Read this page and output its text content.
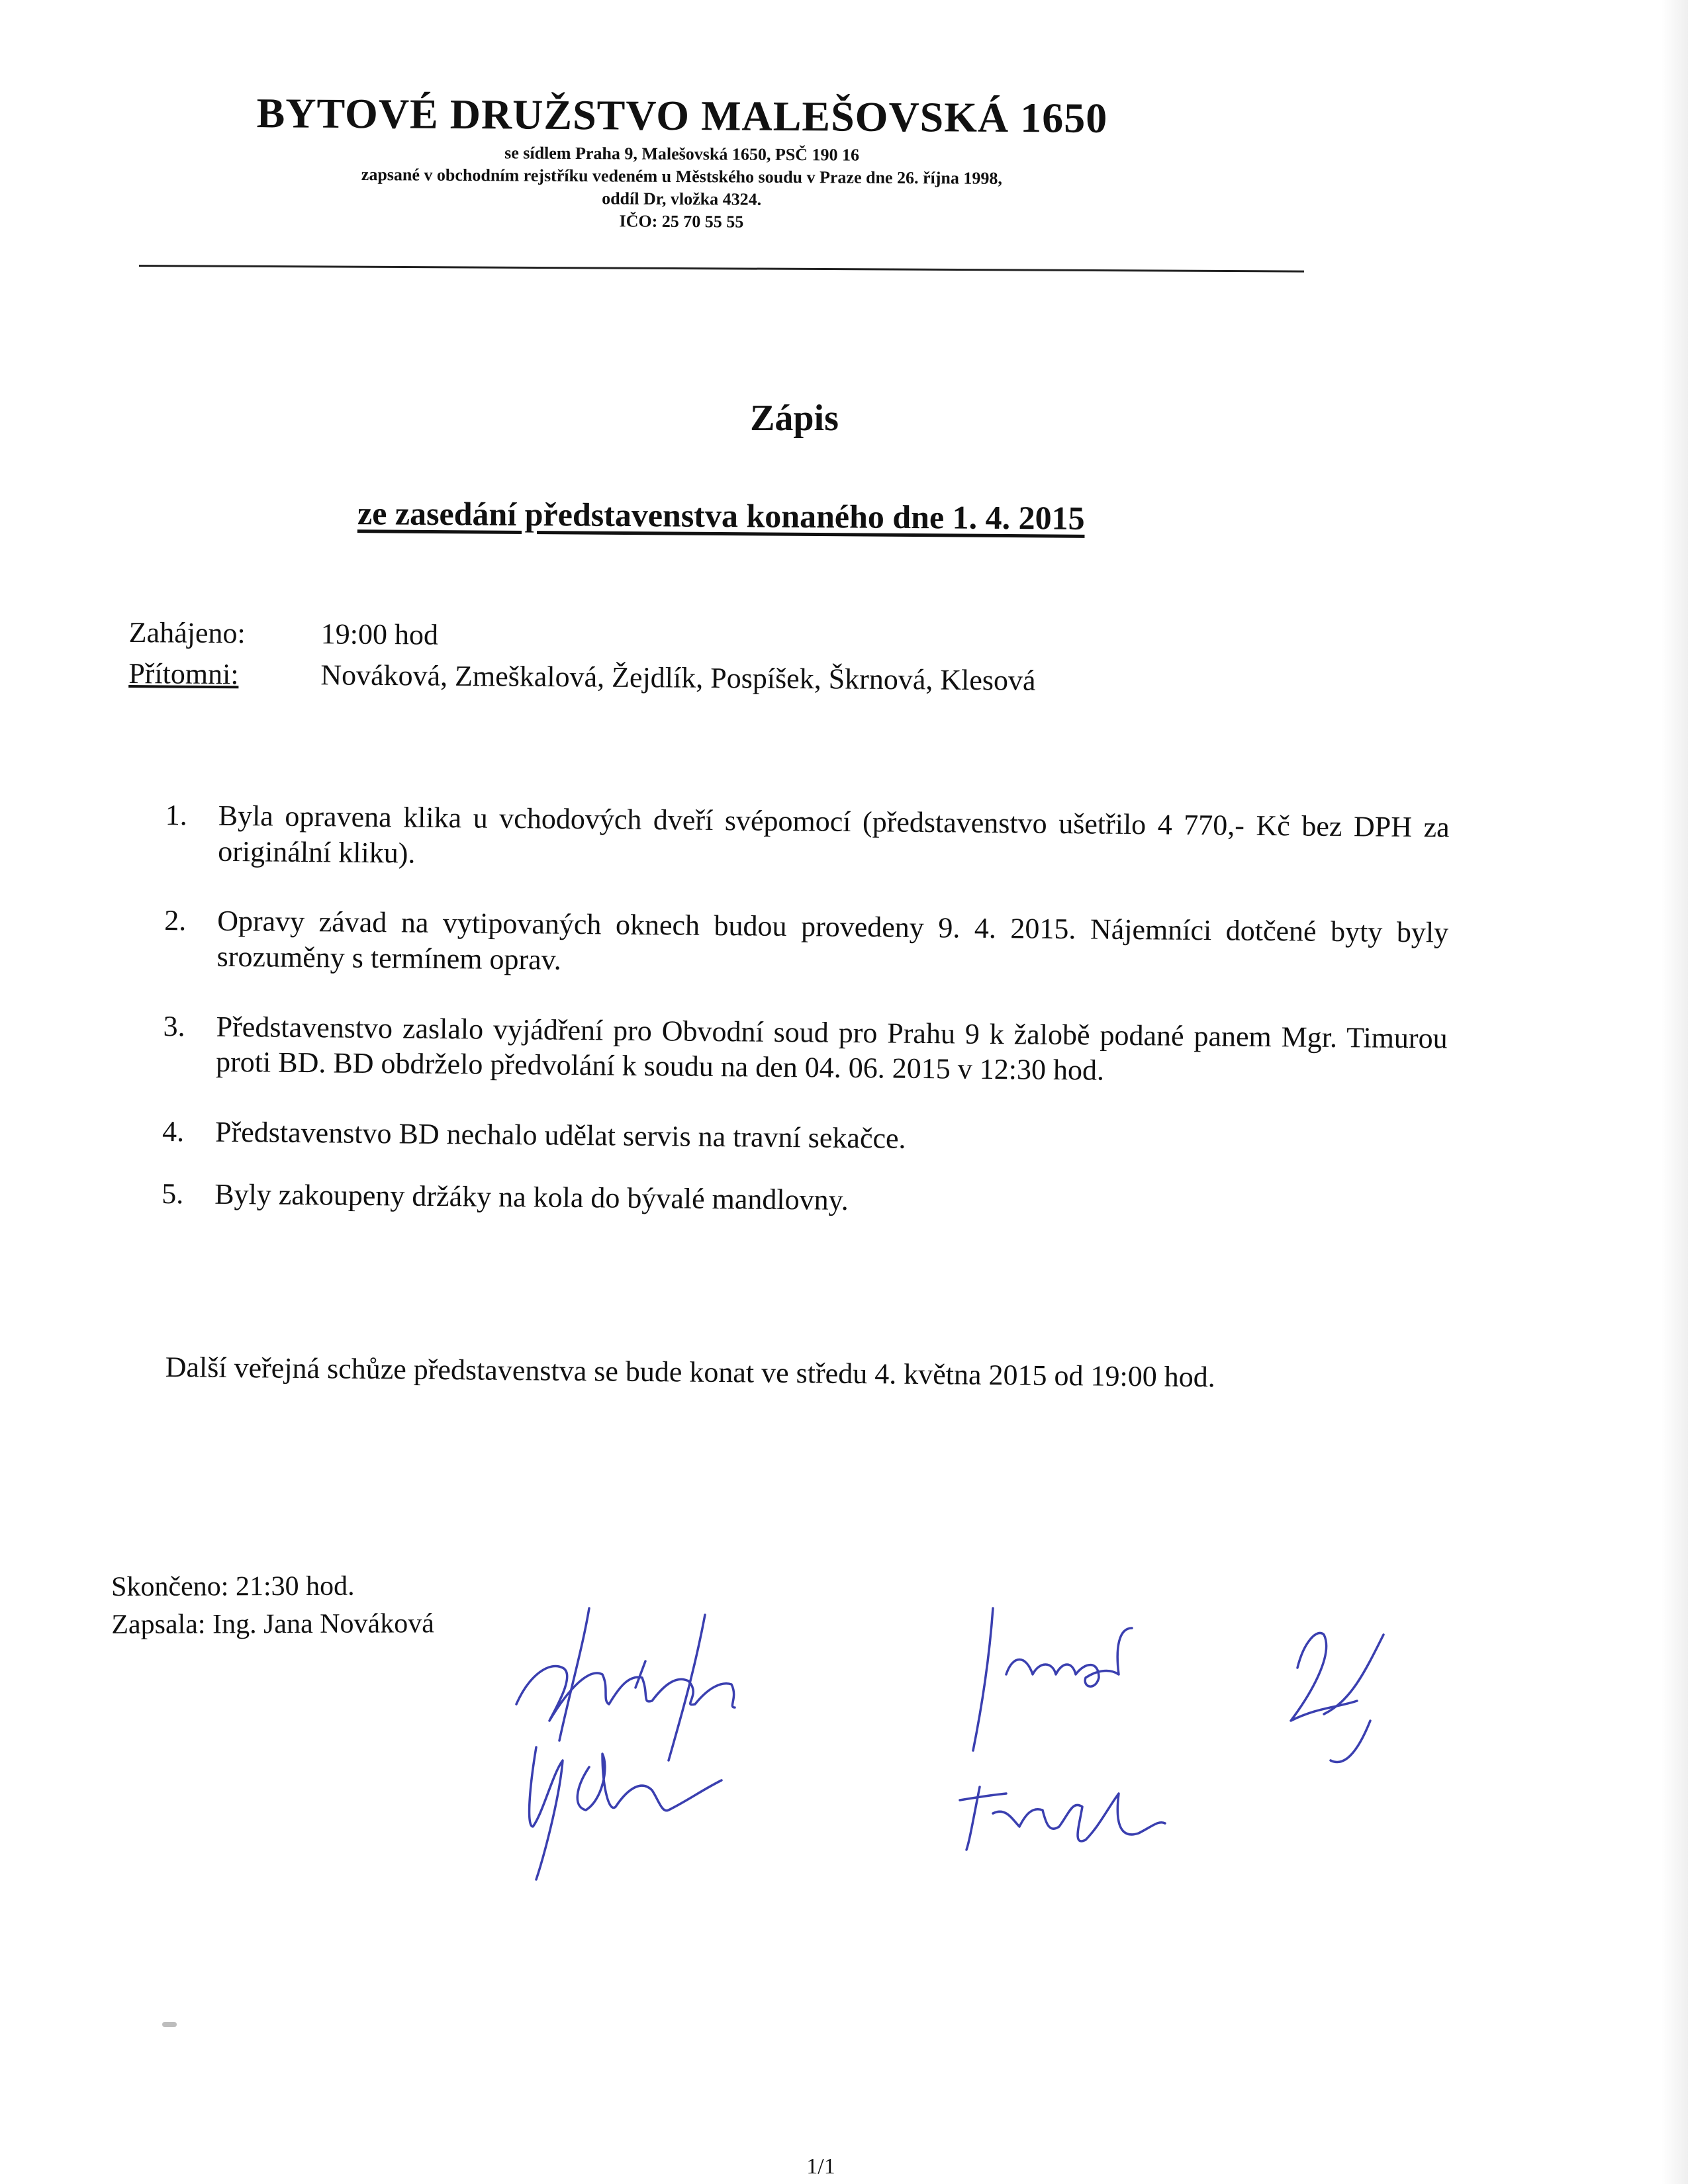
BYTOVÉ DRUŽSTVO MALEŠOVSKÁ 1650

se sídlem Praha 9, Malešovská 1650, PSČ 190 16

zapsané v obchodním rejstříku vedeném u Městského soudu v Praze dne 26. října 1998,

oddíl Dr, vložka 4324.

IČO: 25 70 55 55

Zápis
ze zasedání představenstva konaného dne 1. 4. 2015
Zahájeno:	19:00 hod
Přítomni:	Nováková, Zmeškalová, Žejdlík, Pospíšek, Škrnová, Klesová
1.	Byla opravena klika u vchodových dveří svépomocí (představenstvo ušetřilo 4 770,- Kč bez DPH za originální kliku).
2.	Opravy závad na vytipovaných oknech budou provedeny 9. 4. 2015. Nájemníci dotčené byty byly srozuměny s termínem oprav.
3.	Představenstvo zaslalo vyjádření pro Obvodní soud pro Prahu 9 k žalobě podané panem Mgr. Timurou proti BD. BD obdrželo předvolání k soudu na den 04. 06. 2015 v 12:30 hod.
4.	Představenstvo BD nechalo udělat servis na travní sekačce.
5.	Byly zakoupeny držáky na kola do bývalé mandlovny.
Další veřejná schůze představenstva se bude konat ve středu 4. května 2015 od 19:00 hod.
Skončeno: 21:30 hod.
Zapsala: Ing. Jana Nováková
1/1
